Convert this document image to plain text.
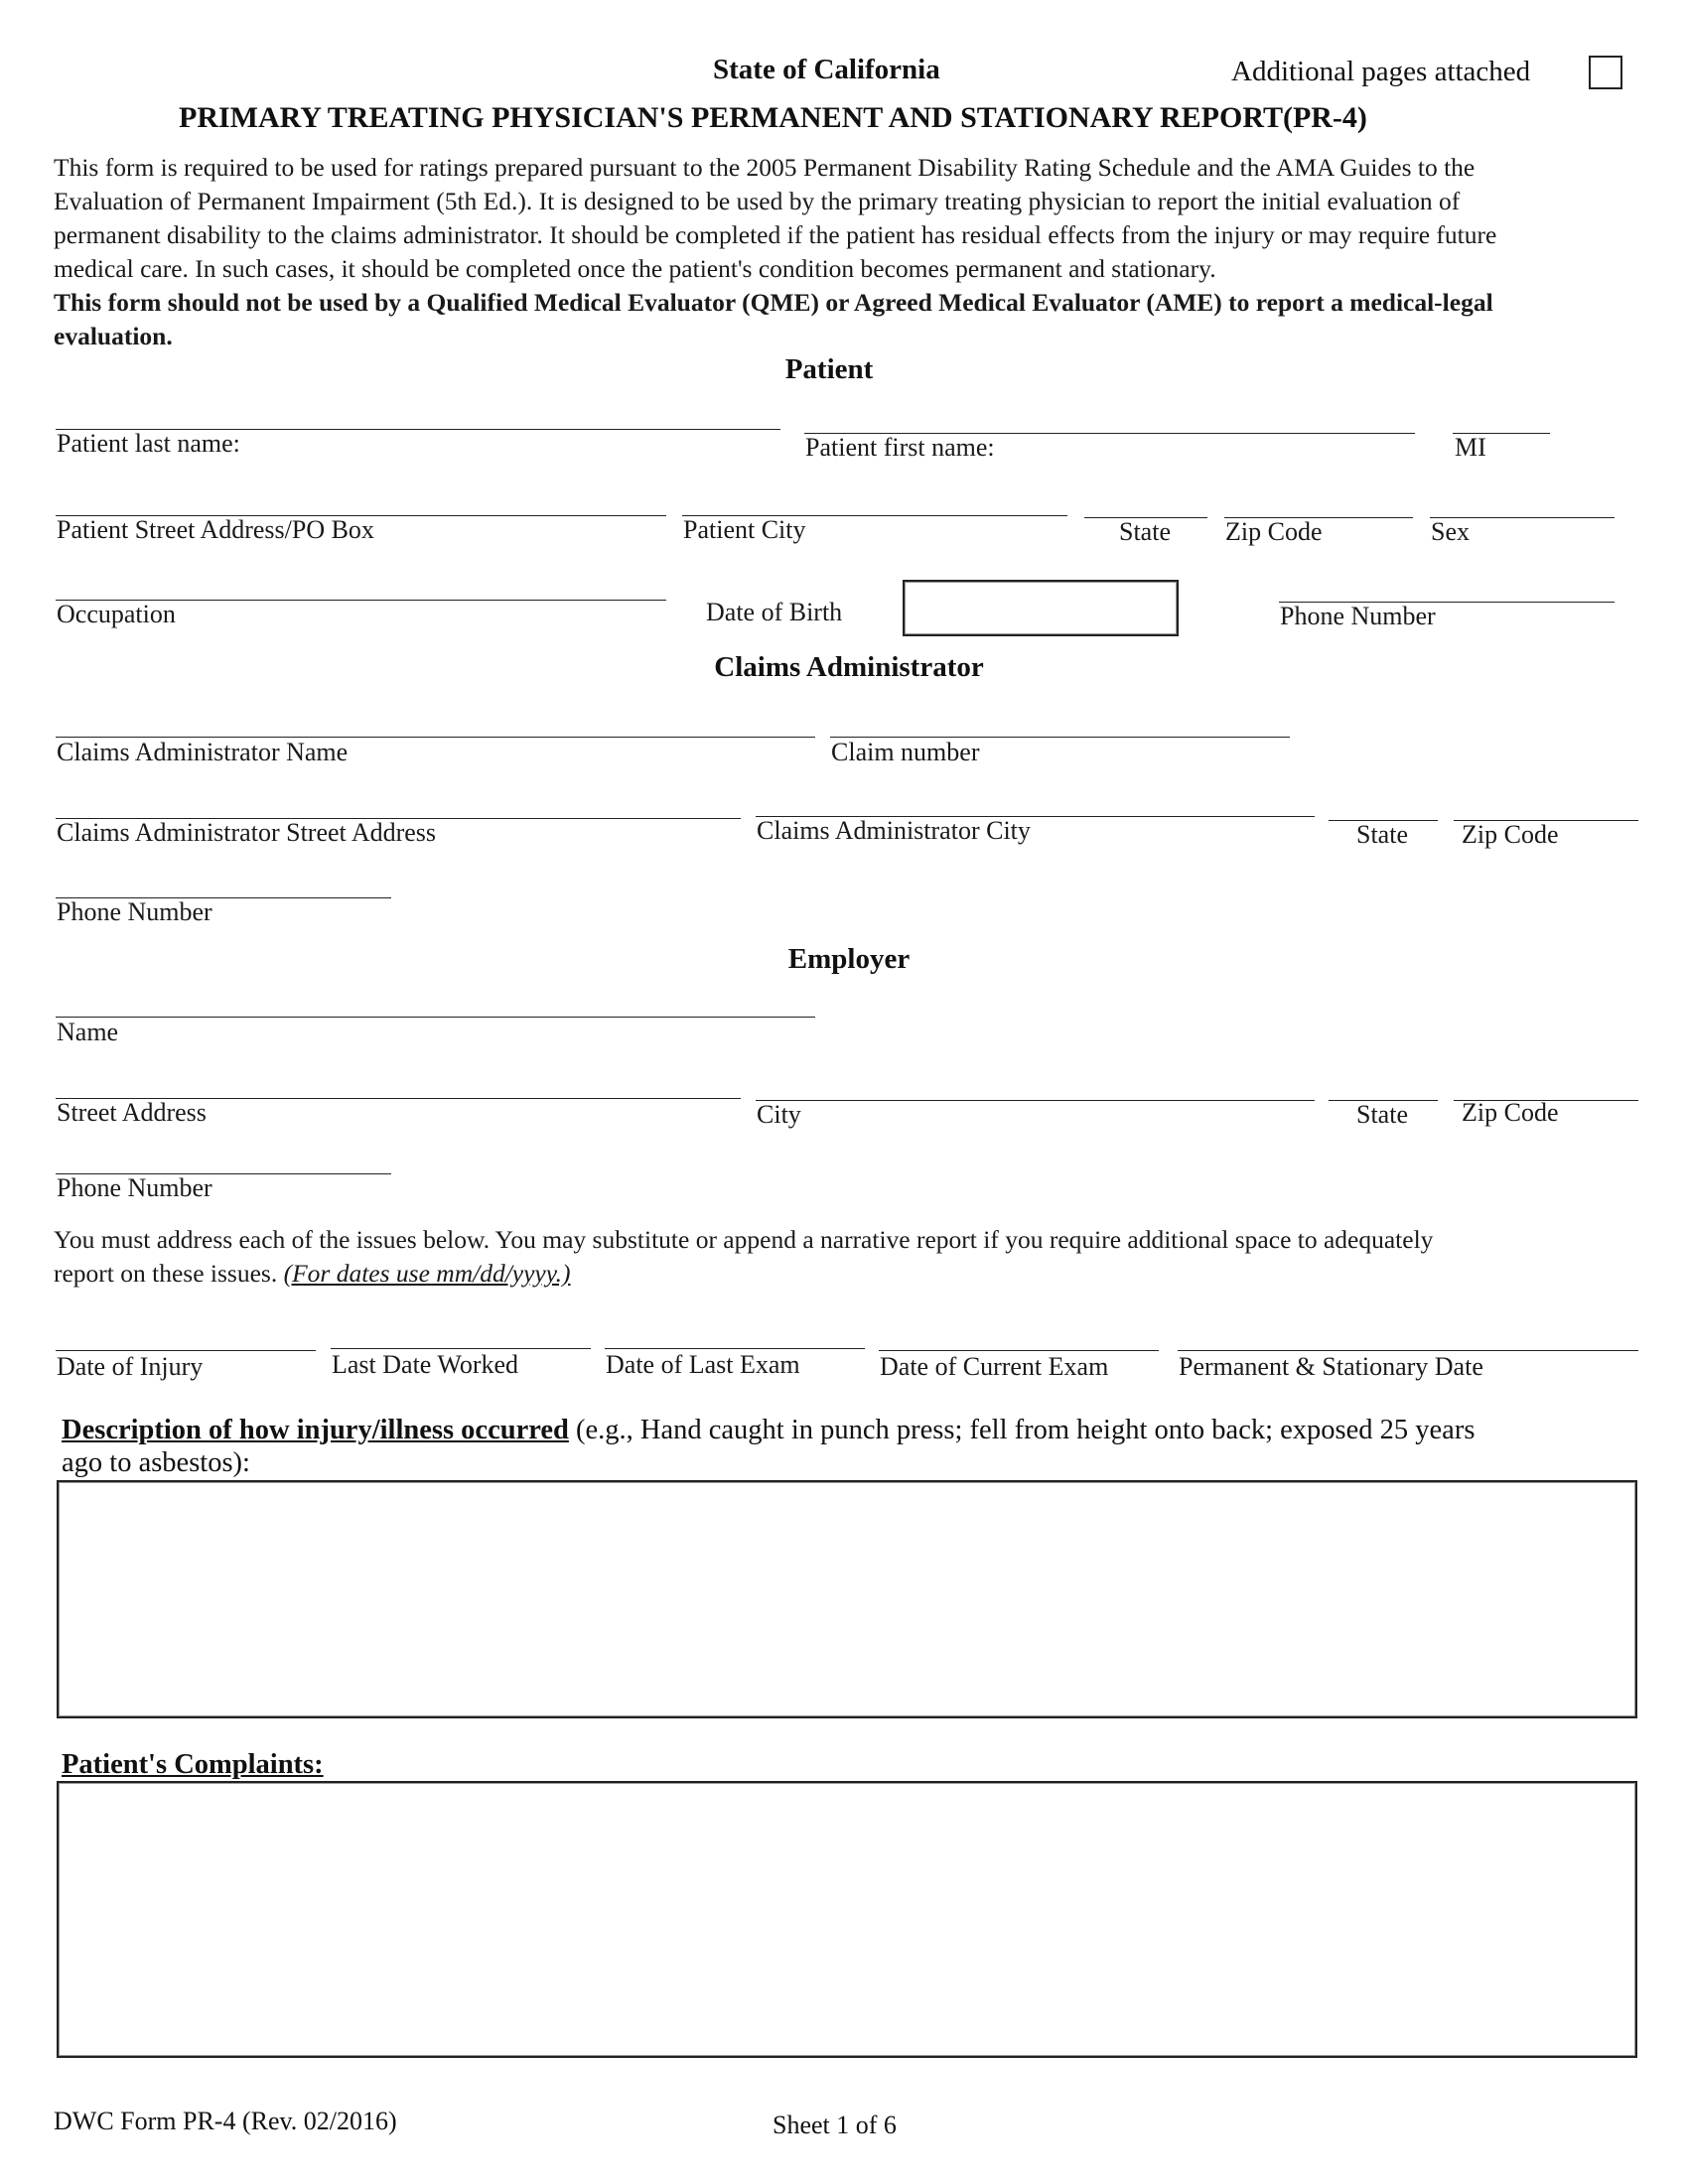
State of California	Additional pages attached
PRIMARY TREATING PHYSICIAN'S PERMANENT AND STATIONARY REPORT(PR-4)
This form is required to be used for ratings prepared pursuant to the 2005 Permanent Disability Rating Schedule and the AMA Guides to the
Evaluation of Permanent Impairment (5th Ed.). It is designed to be used by the primary treating physician to report the initial evaluation of
permanent disability to the claims administrator. It should be completed if the patient has residual effects from the injury or may require future
medical care. In such cases, it should be completed once the patient's condition becomes permanent and stationary.
This form should not be used by a Qualified Medical Evaluator (QME) or Agreed Medical Evaluator (AME) to report a medical-legal
evaluation.
Patient
Patient last name:	Patient first name:	MI
Patient Street Address/PO Box	Patient City	State Zip Code	Sex
Occupation	Date of Birth	Phone Number
Claims Administrator
Claims Administrator Name	Claim number
Claims Administrator Street Address	Claims Administrator City	State Zip Code
Phone Number
Employer
Name
Street Address	City	State Zip Code
Phone Number
You must address each of the issues below. You may substitute or append a narrative report if you require additional space to adequately
report on these issues. (For dates use mm/dd/yyyy.)
Date of Injury	Last Date Worked	Date of Last Exam	Date of Current Exam	Permanent & Stationary Date
Description of how injury/illness occurred (e.g., Hand caught in punch press; fell from height onto back; exposed 25 years
ago to asbestos):
Patient's Complaints:
DWC Form PR-4 (Rev. 02/2016)	Sheet 1 of 6
